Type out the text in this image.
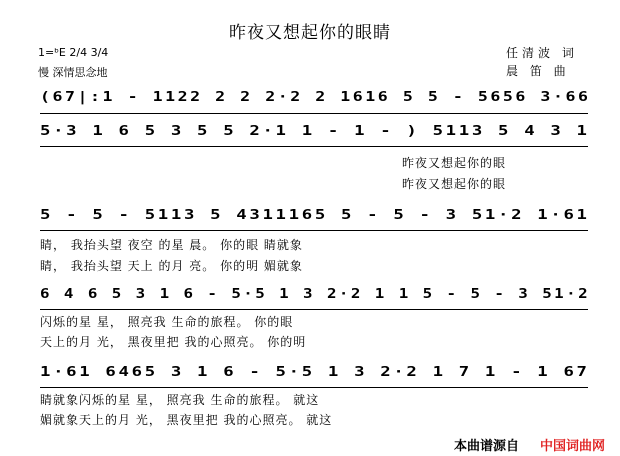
昨夜又想起你的眼睛
1=ᵇE 2/4 3/4
慢 深情思念地
任清波 词
晨 笛 曲
(67|:1 - 1122 2 2 2·2 2 1616 5 5 - 5656 3·66
5·3 1 6 5 3 5 5 2·1 1 - 1 - ) 5113 5 4 3 1
昨夜又想起你的眼
昨夜又想起你的眼
5 - 5 - 5113 5 4311165 5 - 5 - 3 51·2 1·61
睛， 我抬头望 夜空 的星 晨。 你的眼 睛就象
睛， 我抬头望 天上 的月 亮。 你的明 媚就象
6 4 6 5 3 1 6 - 5·5 1 3 2·2 1 1 5 - 5 - 3 51·2
闪烁的星 星， 照亮我 生命的旅程。 你的眼
天上的月 光， 黑夜里把 我的心照亮。 你的明
1·61 6465 3 1 6 - 5·5 1 3 2·2 1 7 1 - 1 67
睛就象闪烁的星 星， 照亮我 生命的旅程。 就这
媚就象天上的月 光， 黑夜里把 我的心照亮。 就这
本曲谱源自 中国词曲网
